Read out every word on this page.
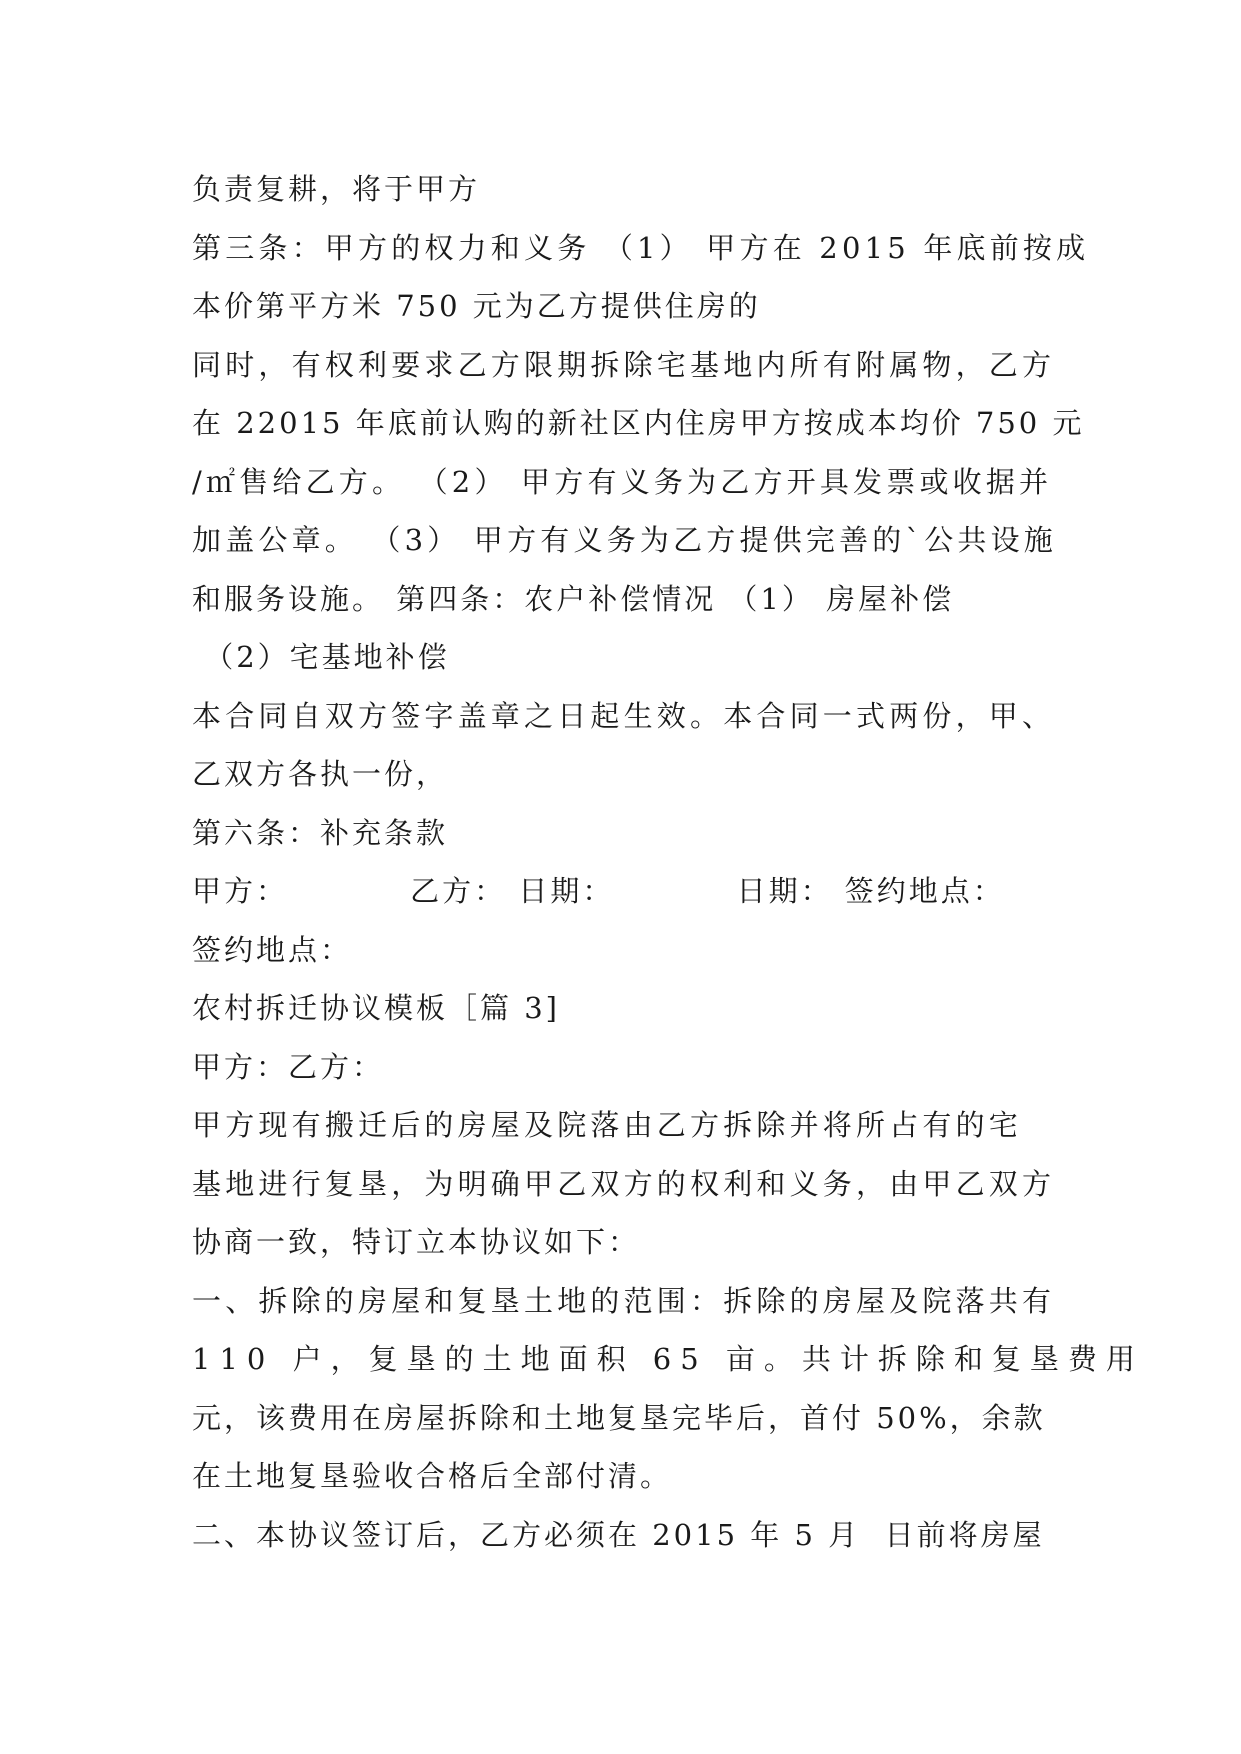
负责复耕，将于甲方
第三条：甲方的权力和义务 （1） 甲方在 2015 年底前按成
本价第平方米 750 元为乙方提供住房的
同时，有权利要求乙方限期拆除宅基地内所有附属物，乙方
在 22015 年底前认购的新社区内住房甲方按成本均价 750 元
/㎡售给乙方。 （2） 甲方有义务为乙方开具发票或收据并
加盖公章。 （3） 甲方有义务为乙方提供完善的`公共设施
和服务设施。 第四条：农户补偿情况 （1） 房屋补偿
（2）宅基地补偿
本合同自双方签字盖章之日起生效。本合同一式两份，甲、
乙双方各执一份，
第六条：补充条款
甲方：          乙方： 日期：          日期： 签约地点：
签约地点：
农村拆迁协议模板［篇 3]
甲方：乙方：
甲方现有搬迁后的房屋及院落由乙方拆除并将所占有的宅
基地进行复垦，为明确甲乙双方的权利和义务，由甲乙双方
协商一致，特订立本协议如下：
一、拆除的房屋和复垦土地的范围：拆除的房屋及院落共有
110 户，复垦的土地面积 65 亩。共计拆除和复垦费用
元，该费用在房屋拆除和土地复垦完毕后，首付 50%，余款
在土地复垦验收合格后全部付清。
二、本协议签订后，乙方必须在 2015 年 5 月  日前将房屋
